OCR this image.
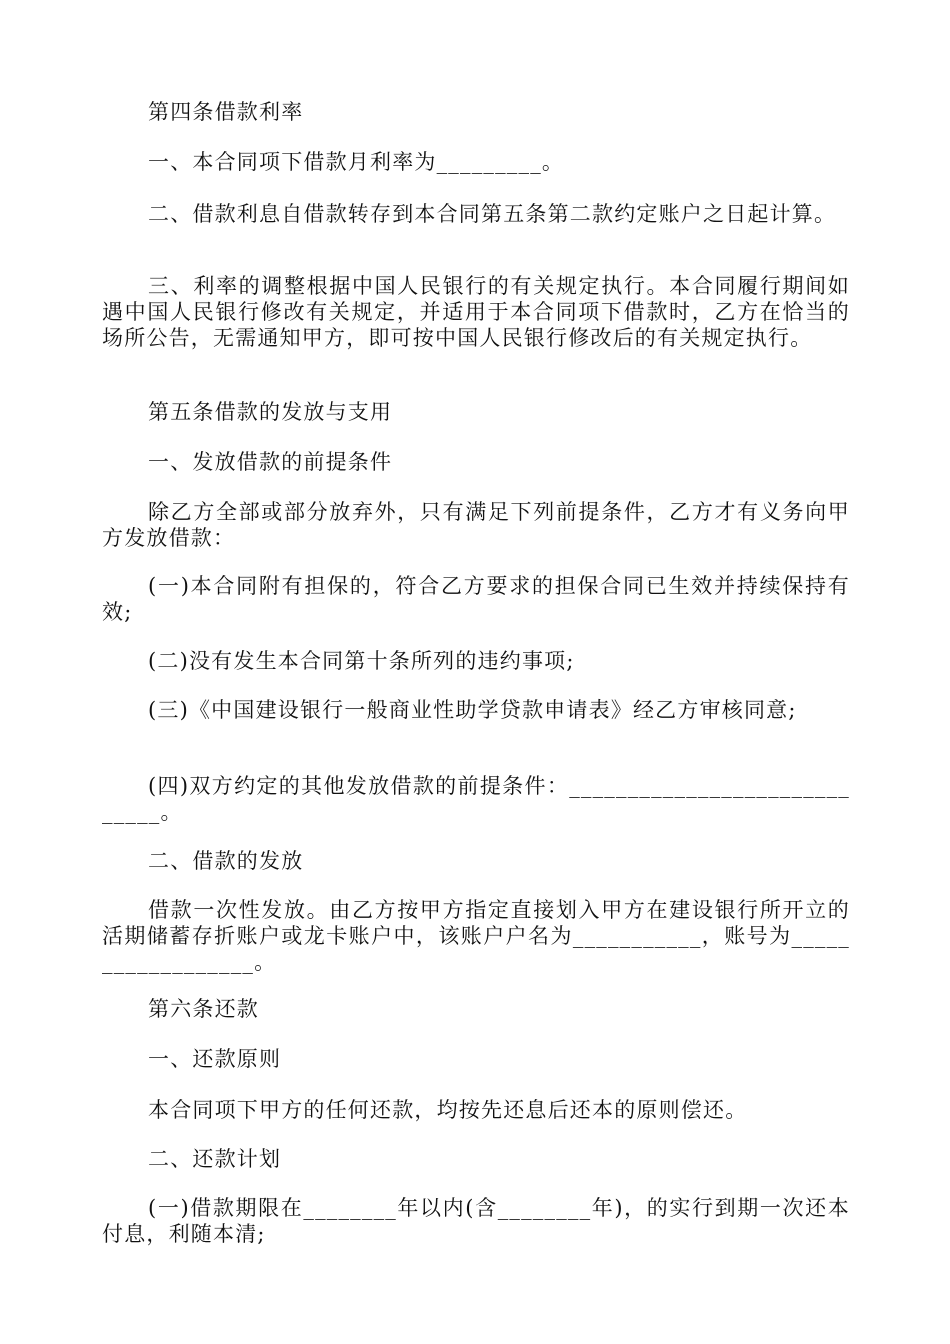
第四条借款利率

一、本合同项下借款月利率为_________。

二、借款利息自借款转存到本合同第五条第二款约定账户之日起计算。

三、利率的调整根据中国人民银行的有关规定执行。本合同履行期间如遇中国人民银行修改有关规定，并适用于本合同项下借款时，乙方在恰当的场所公告，无需通知甲方，即可按中国人民银行修改后的有关规定执行。

第五条借款的发放与支用

一、发放借款的前提条件

除乙方全部或部分放弃外，只有满足下列前提条件，乙方才有义务向甲方发放借款：

(一)本合同附有担保的，符合乙方要求的担保合同已生效并持续保持有效;

(二)没有发生本合同第十条所列的违约事项;

(三)《中国建设银行一般商业性助学贷款申请表》经乙方审核同意;

(四)双方约定的其他发放借款的前提条件：_____________________________。

二、借款的发放

借款一次性发放。由乙方按甲方指定直接划入甲方在建设银行所开立的活期储蓄存折账户或龙卡账户中，该账户户名为___________，账号为__________________。

第六条还款

一、还款原则

本合同项下甲方的任何还款，均按先还息后还本的原则偿还。

二、还款计划

(一)借款期限在________年以内(含________年)，的实行到期一次还本付息，利随本清;
